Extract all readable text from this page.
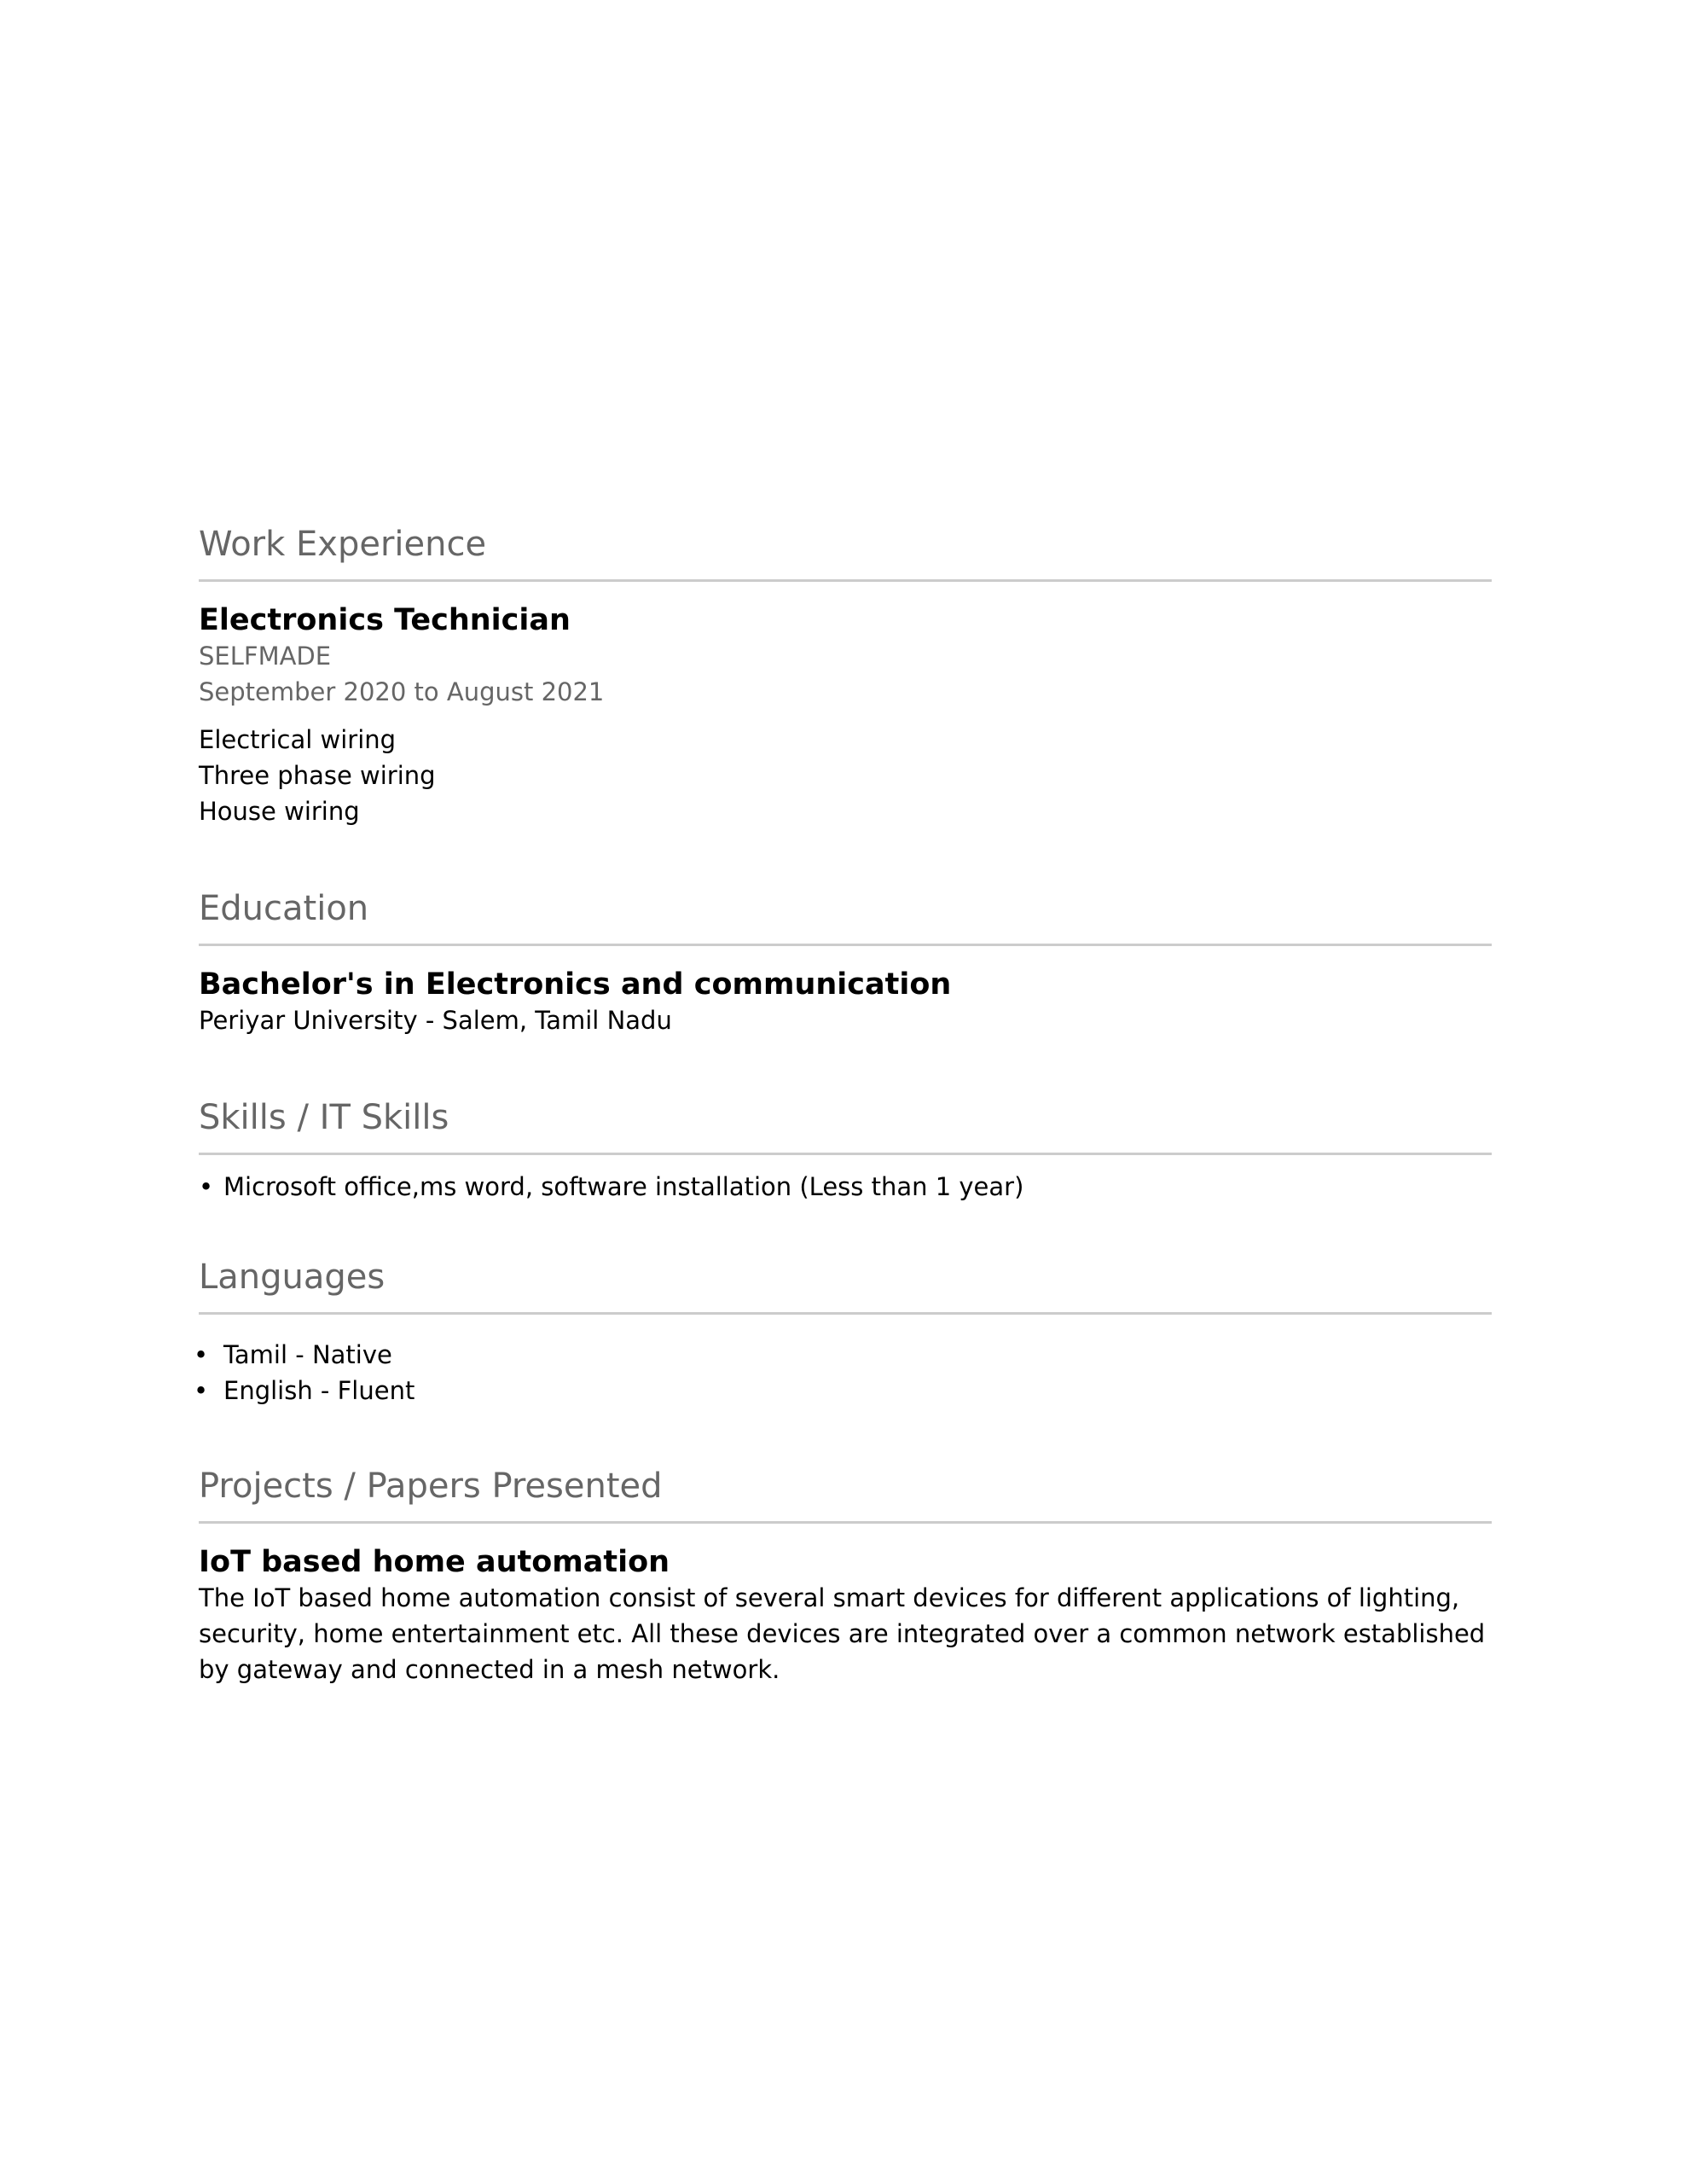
Work Experience
Electronics Technician
SELFMADE
September 2020 to August 2021
Electrical wiring
Three phase wiring
House wiring
Education
Bachelor's in Electronics and communication
Periyar University - Salem, Tamil Nadu
Skills / IT Skills
• Microsoft office,ms word, software installation (Less than 1 year)
Languages
• Tamil - Native
• English - Fluent
Projects / Papers Presented
IoT based home automation
The IoT based home automation consist of several smart devices for different applications of lighting,
security, home entertainment etc. All these devices are integrated over a common network established
by gateway and connected in a mesh network.
